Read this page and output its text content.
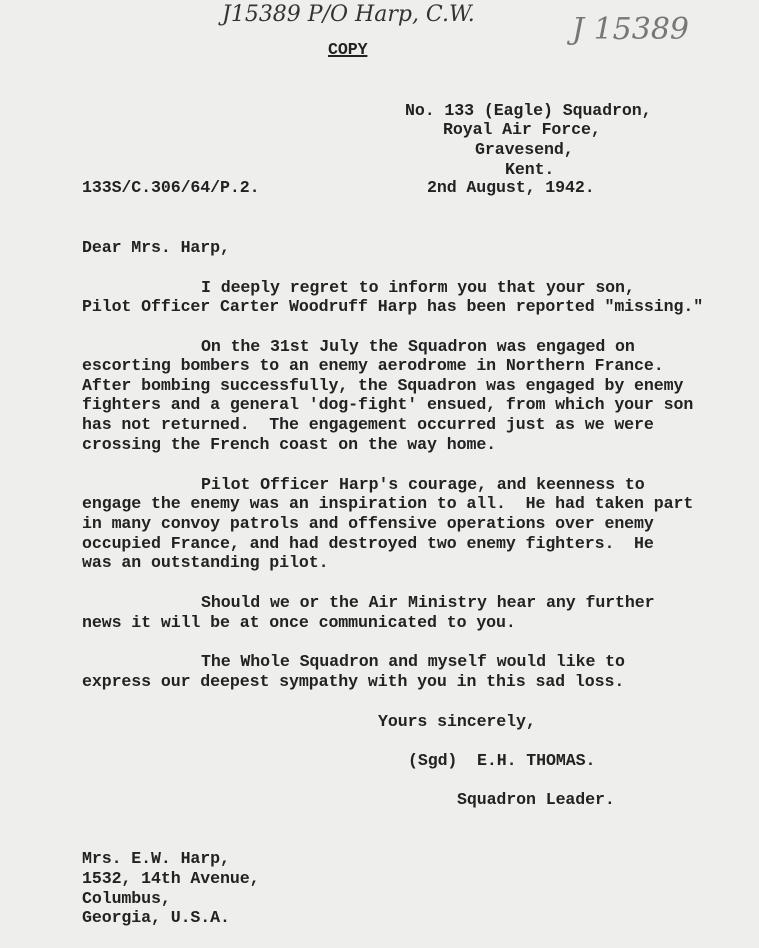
J15389 P/O Harp, C.W.	J 15389
COPY
No. 133 (Eagle) Squadron,
Royal Air Force,
Gravesend,
Kent.
133S/C.306/64/P.2.	2nd August, 1942.
Dear Mrs. Harp,
I deeply regret to inform you that your son,
Pilot Officer Carter Woodruff Harp has been reported "missing."
On the 31st July the Squadron was engaged on
escorting bombers to an enemy aerodrome in Northern France.
After bombing successfully, the Squadron was engaged by enemy
fighters and a general 'dog-fight' ensued, from which your son
has not returned.  The engagement occurred just as we were
crossing the French coast on the way home.
Pilot Officer Harp's courage, and keenness to
engage the enemy was an inspiration to all.  He had taken part
in many convoy patrols and offensive operations over enemy
occupied France, and had destroyed two enemy fighters.  He
was an outstanding pilot.
Should we or the Air Ministry hear any further
news it will be at once communicated to you.
The Whole Squadron and myself would like to
express our deepest sympathy with you in this sad loss.
Yours sincerely,
(Sgd)  E.H. THOMAS.
Squadron Leader.
Mrs. E.W. Harp,
1532, 14th Avenue,
Columbus,
Georgia, U.S.A.
